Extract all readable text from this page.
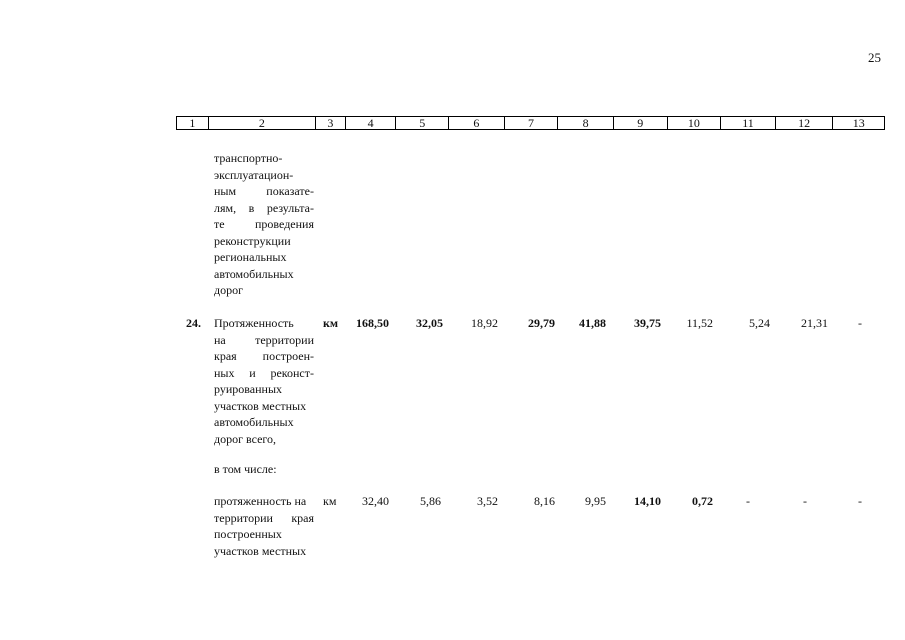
25
1	2	3	4	5	6	7	8	9	10	11	12	13
транспортно-
эксплуатацион-
ным показате-
лям, в результа-
те проведения
реконструкции
региональных
автомобильных
дорог
24. Протяженность
на территории
края построен-
ных и реконст-
руированных
участков местных
автомобильных
дорог всего,
км	168,50	32,05	18,92	29,79	41,88	39,75	11,52	5,24	21,31	-
в том числе:
протяженность на
территории края
построенных
участков местных
км	32,40	5,86	3,52	8,16	9,95	14,10	0,72	-	-	-
